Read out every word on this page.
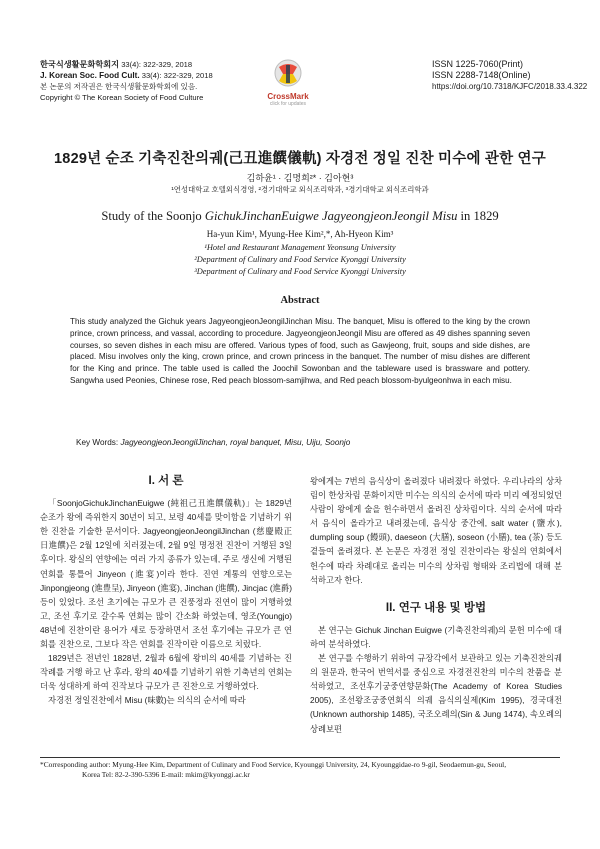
한국식생활문화학회지 33(4): 322-329, 2018
J. Korean Soc. Food Cult. 33(4): 322-329, 2018
본 논문의 저작권은 한국식생활문화학회에 있음.
Copyright © The Korean Society of Food Culture	CrossMark
click for updates
ISSN 1225-7060(Print)
ISSN 2288-7148(Online)
https://doi.org/10.7318/KJFC/2018.33.4.322
1829년 순조 기축진찬의궤(己丑進饌儀軌) 자경전 정일 진찬 미수에 관한 연구
김하윤¹ · 김명희²* · 김아현³
¹연성대학교 호텔외식경영, ²경기대학교 외식조리학과, ³경기대학교 외식조리학과
Study of the Soonjo GichukJinchanEuigwe JagyeongjeonJeongil Misu in 1829
Ha-yun Kim¹, Myung-Hee Kim²,*, Ah-Hyeon Kim³
¹Hotel and Restaurant Management Yeonsung University
²Department of Culinary and Food Service Kyonggi University
³Department of Culinary and Food Service Kyonggi University
Abstract
This study analyzed the Gichuk years JagyeongjeonJeongilJinchan Misu. The banquet, Misu is offered to the king by the crown prince, crown princess, and vassal, according to procedure. JagyeongjeonJeongil Misu are offered as 49 dishes spanning seven courses, so seven dishes in each misu are offered. Various types of food, such as Gawjeong, fruit, soups and side dishes, are placed. Misu involves only the king, crown prince, and crown princess in the banquet. The number of misu dishes are different for the King and prince. The table used is called the Joochil Sowonban and the tableware used is brassware and pottery. Sangwha used Peonies, Chinese rose, Red peach blossom-samjihwa, and Red peach blossom-byulgeonhwa in each misu.
Key Words: JagyeongjeonJeongilJinchan, royal banquet, Misu, Uiju, Soonjo
I. 서 론

「SoonjoGichukJinchanEuigwe (純祖己丑進饌儀軌)」는 1829년 순조가 왕에 즉위한지 30년이 되고, 보령 40세를 맞이함을 기념하기 위한 진찬을 기술한 문서이다. JagyeongjeonJeongilJinchan (慈慶殿正日進饌)은 2월 12일에 치러졌는데, 2월 9일 명정전 진찬이 거행된 3일 후이다. 왕실의 연향에는 여러 가지 종류가 있는데, 주로 생신에 거행된 연회를 통틀어 Jinyeon (進宴)이라 한다. 진연 계통의 연향으로는 Jinpongjeong (進豊呈), Jinyeon (進宴), Jinchan (進饌), Jincjac (進爵) 등이 있었다. 조선 초기에는 규모가 큰 진풍정과 진연이 많이 거행하였고, 조선 후기로 갈수록 연회는 많이 간소화 하였는데, 영조(Youngjo) 48년에 진찬이란 용어가 새로 등장하면서 조선 후기에는 규모가 큰 연회를 진찬으로, 그보다 작은 연회를 진작이란 이름으로 치렀다.

1829년은 전년인 1828년, 2월과 6월에 왕비의 40세를 기념하는 진작례를 거행 하고 난 후라, 왕의 40세를 기념하기 위한 기축년의 연회는 더욱 성대하게 하여 진작보다 규모가 큰 진찬으로 거행하였다.

자경전 정일진찬에서 Misu (味數)는 의식의 순서에 따라

왕에게는 7번의 음식상이 올려졌다 내려졌다 하였다. 우리나라의 상차림이 한상차림 문화이지만 미수는 의식의 순서에 따라 미리 예정되었던 사람이 왕에게 술을 헌수하면서 올려진 상차림이다. 식의 순서에 따라서 음식이 올라가고 내려졌는데, 음식상 중간에, salt water (鹽水), dumpling soup (饅頭), daeseon (大膳), soseon (小膳), tea (茶) 등도 곁들여 올려졌다. 본 논문은 자경전 정일 진찬이라는 왕실의 연회에서 헌수에 따라 차례대로 올리는 미수의 상차림 형태와 조리법에 대해 분석하고자 한다.

II. 연구 내용 및 방법

본 연구는 Gichuk Jinchan Euigwe (기축진찬의궤)의 문헌 미수에 대하여 분석하였다.

본 연구를 수행하기 위하여 규장각에서 보관하고 있는 기축진찬의궤의 원문과, 한국어 번역서를 중심으로 자경전진찬의 미수의 찬품을 분석하였고, 조선후기궁중연향문화(The Academy of Korea Studies 2005), 조선왕조궁중연회식 의궤 음식의실제(Kim 1995), 경국대전(Unknown authorship 1485), 국조오례의(Sin & Jung 1474), 속오례의 상례보편

*Corresponding author: Myung-Hee Kim, Department of Culinary and Food Service, Kyounggi University, 24, Kyounggidae-ro 9-gil, Seodaemun-gu, Seoul,
Korea Tel: 82-2-390-5396 E-mail: mkim@kyonggi.ac.kr
